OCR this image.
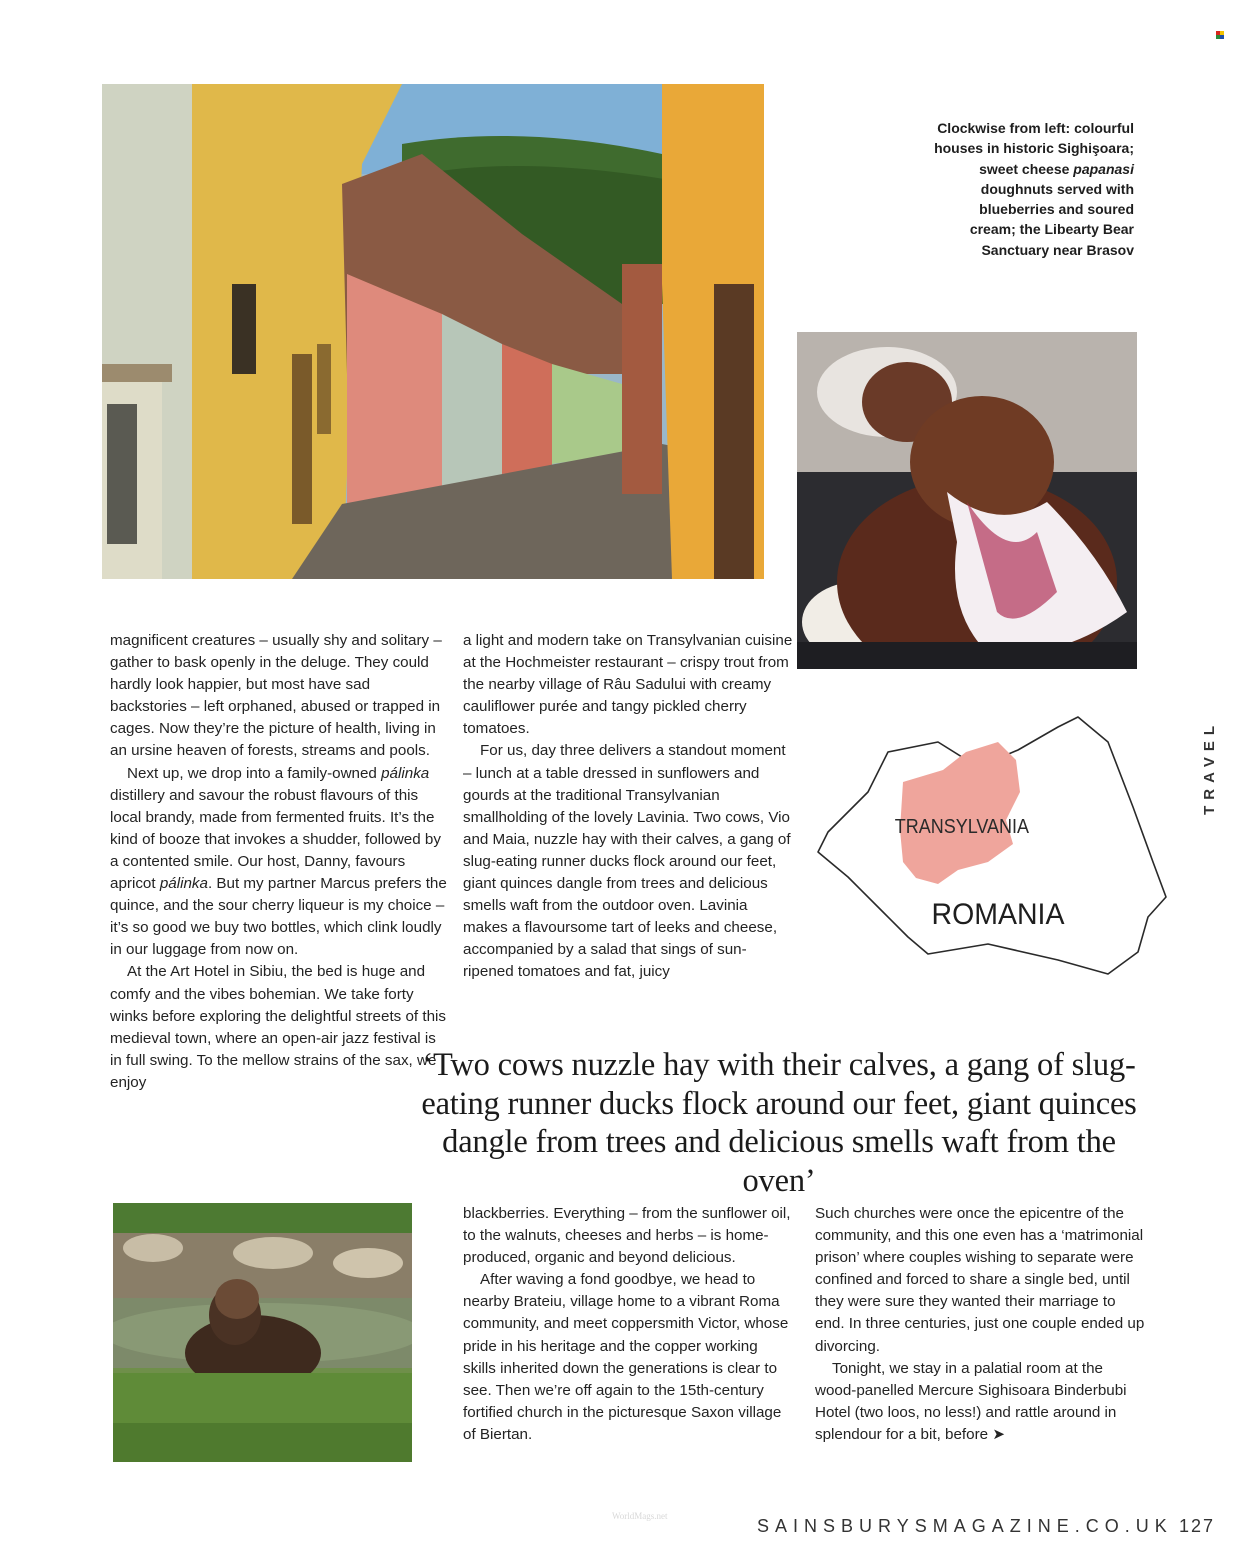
Clockwise from left: colourful
houses in historic Sighişoara;
sweet cheese papanasi
doughnuts served with
blueberries and soured
cream; the Libearty Bear
Sanctuary near Brasov
TRANSYLVANIA
ROMANIA
TRAVEL

magnificent creatures – usually shy and solitary – gather to bask openly in the deluge. They could hardly look happier, but most have sad backstories – left orphaned, abused or trapped in cages. Now they’re the picture of health, living in an ursine heaven of forests, streams and pools.

Next up, we drop into a family-owned pálinka distillery and savour the robust flavours of this local brandy, made from fermented fruits. It’s the kind of booze that invokes a shudder, followed by a contented smile. Our host, Danny, favours apricot pálinka. But my partner Marcus prefers the quince, and the sour cherry liqueur is my choice – it’s so good we buy two bottles, which clink loudly in our luggage from now on.

At the Art Hotel in Sibiu, the bed is huge and comfy and the vibes bohemian. We take forty winks before exploring the delightful streets of this medieval town, where an open-air jazz festival is in full swing. To the mellow strains of the sax, we enjoy

a light and modern take on Transylvanian cuisine at the Hochmeister restaurant – crispy trout from the nearby village of Râu Sadului with creamy cauliflower purée and tangy pickled cherry tomatoes.

For us, day three delivers a standout moment – lunch at a table dressed in sunflowers and gourds at the traditional Transylvanian smallholding of the lovely Lavinia. Two cows, Vio and Maia, nuzzle hay with their calves, a gang of slug-eating runner ducks flock around our feet, giant quinces dangle from trees and delicious smells waft from the outdoor oven. Lavinia makes a flavoursome tart of leeks and cheese, accompanied by a salad that sings of sun-ripened tomatoes and fat, juicy

‘Two cows nuzzle hay with their calves, a gang of slug-eating runner ducks flock around our feet, giant quinces dangle from trees and delicious smells waft from the oven’

blackberries. Everything – from the sunflower oil, to the walnuts, cheeses and herbs – is home-produced, organic and beyond delicious.

After waving a fond goodbye, we head to nearby Brateiu, village home to a vibrant Roma community, and meet coppersmith Victor, whose pride in his heritage and the copper working skills inherited down the generations is clear to see. Then we’re off again to the 15th-century fortified church in the picturesque Saxon village of Biertan.

Such churches were once the epicentre of the community, and this one even has a ‘matrimonial prison’ where couples wishing to separate were confined and forced to share a single bed, until they were sure they wanted their marriage to end. In three centuries, just one couple ended up divorcing.

Tonight, we stay in a palatial room at the wood-panelled Mercure Sighisoara Binderbubi Hotel (two loos, no less!) and rattle around in splendour for a bit, before ➤

WorldMags.net	SAINSBURYSMAGAZINE.CO.UK 127
